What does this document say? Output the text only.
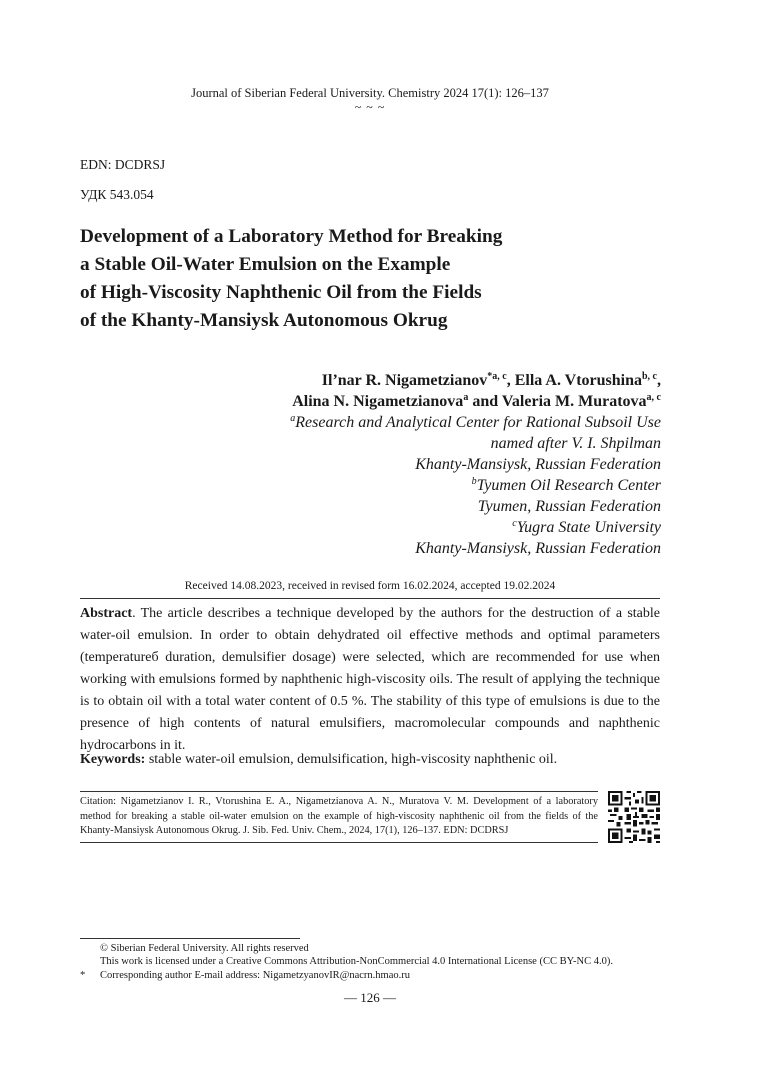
Journal of Siberian Federal University. Chemistry 2024 17(1): 126–137
~ ~ ~
EDN: DCDRSJ
УДК 543.054
Development of a Laboratory Method for Breaking
a Stable Oil-Water Emulsion on the Example
of High-Viscosity Naphthenic Oil from the Fields
of the Khanty-Mansiysk Autonomous Okrug
Il’nar R. Nigametzianov$^{*a, c}$, Ella A. Vtorushina$^{b, c}$,
Alina N. Nigametzianova$^a$ and Valeria M. Muratova$^{a, c}$
$^a$Research and Analytical Center for Rational Subsoil Use
named after V. I. Shpilman
Khanty-Mansiysk, Russian Federation
$^b$Tyumen Oil Research Center
Tyumen, Russian Federation
$^c$Yugra State University
Khanty-Mansiysk, Russian Federation
Received 14.08.2023, received in revised form 16.02.2024, accepted 19.02.2024
Abstract. The article describes a technique developed by the authors for the destruction of a stable water-oil emulsion. In order to obtain dehydrated oil effective methods and optimal parameters (temperatureб duration, demulsifier dosage) were selected, which are recommended for use when working with emulsions formed by naphthenic high-viscosity oils. The result of applying the technique is to obtain oil with a total water content of 0.5 %. The stability of this type of emulsions is due to the presence of high contents of natural emulsifiers, macromolecular compounds and naphthenic hydrocarbons in it.
Keywords: stable water-oil emulsion, demulsification, high-viscosity naphthenic oil.
Citation: Nigametzianov I. R., Vtorushina E. A., Nigametzianova A. N., Muratova V. M. Development of a laboratory method for breaking a stable oil-water emulsion on the example of high-viscosity naphthenic oil from the fields of the Khanty-Mansiysk Autonomous Okrug. J. Sib. Fed. Univ. Chem., 2024, 17(1), 126–137. EDN: DCDRSJ
© Siberian Federal University. All rights reserved
This work is licensed under a Creative Commons Attribution-NonCommercial 4.0 International License (CC BY-NC 4.0).
* Corresponding author E-mail address: NigametzyanovIR@nacrn.hmao.ru
— 126 —
